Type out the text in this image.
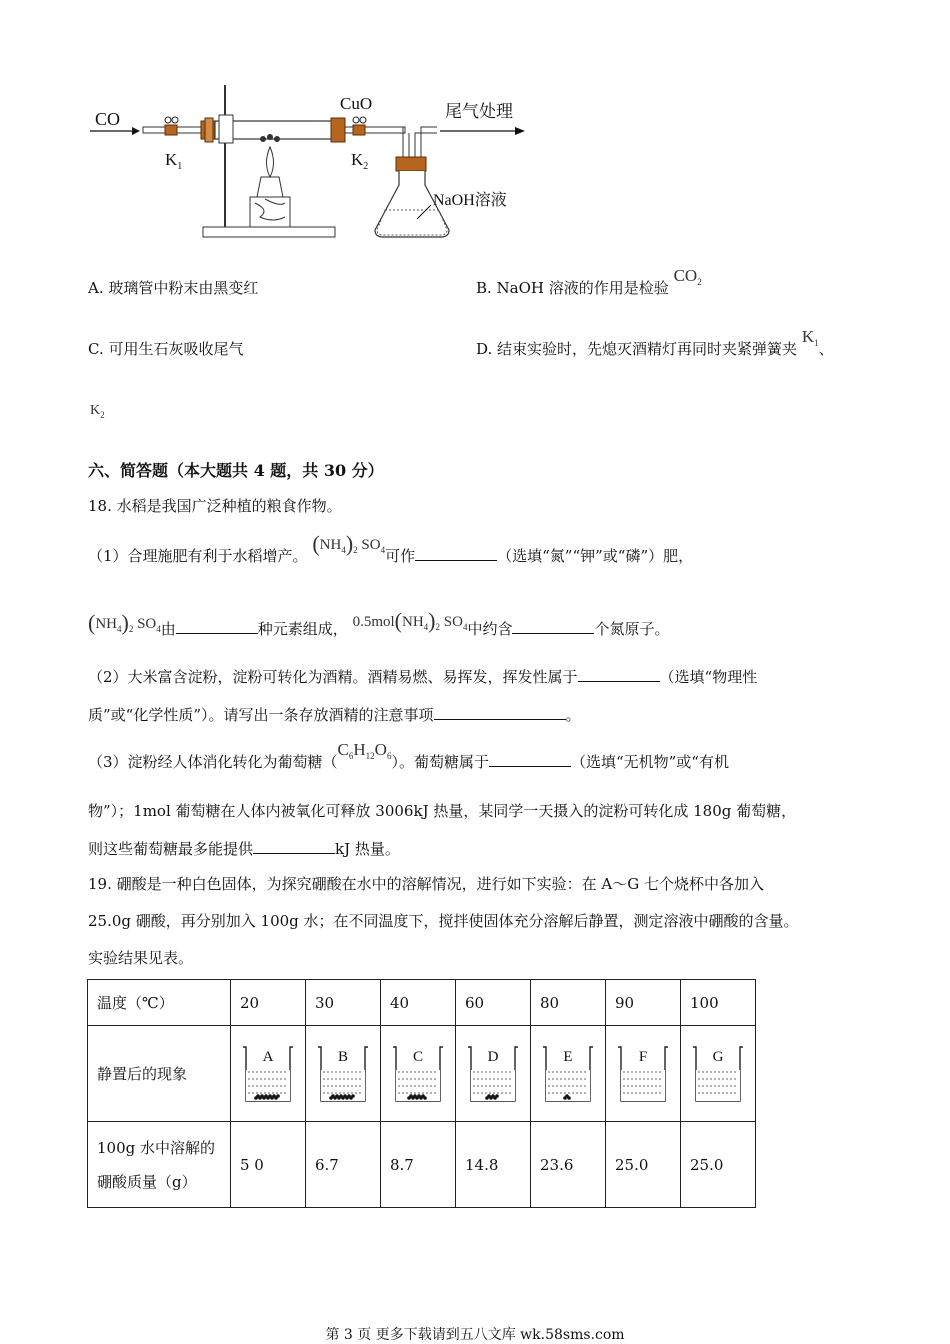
CO
$K_1$
CuO
$K_2$
尾气处理
NaOH溶液
A. 玻璃管中粉末由黑变红	B. NaOH 溶液的作用是检验 $CO_2$
C. 可用生石灰吸收尾气	D. 结束实验时，先熄灭酒精灯再同时夹紧弹簧夹 $K_1$、
$K_2$
六、简答题（本大题共 4 题，共 30 分）
18. 水稻是我国广泛种植的粮食作物。
（1）合理施肥有利于水稻增产。 $(NH_4)_2$ $SO_4$可作	（选填“氮”“钾”或“磷”）肥，
$(NH_4)_2$ $SO_4$由	种元素组成， $0.5mol(NH_4)_2$ $SO_4$中约含	个氮原子。
（2）大米富含淀粉，淀粉可转化为酒精。酒精易燃、易挥发，挥发性属于	（选填“物理性
质”或“化学性质”）。请写出一条存放酒精的注意事项	。
（3）淀粉经人体消化转化为葡萄糖$(C_6H_{12}O_6)$。葡萄糖属于	（选填“无机物”或“有机
物”）；1mol 葡萄糖在人体内被氧化可释放 3006kJ 热量，某同学一天摄入的淀粉可转化成 180g 葡萄糖，
则这些葡萄糖最多能提供	kJ 热量。
19. 硼酸是一种白色固体，为探究硼酸在水中的溶解情况，进行如下实验：在 A～G 七个烧杯中各加入
25.0g 硼酸，再分别加入 100g 水；在不同温度下，搅拌使固体充分溶解后静置，测定溶液中硼酸的含量。
实验结果见表。
温度（℃）	20	30	40	60	80	90	100
静置后的现象	A	B	C	D	E	F	G

100g 水中溶解的
硼酸质量（g）	5 0	6.7	8.7	14.8	23.6	25.0	25.0
第 3 页 更多下载请到五八文库 wk.58sms.com
